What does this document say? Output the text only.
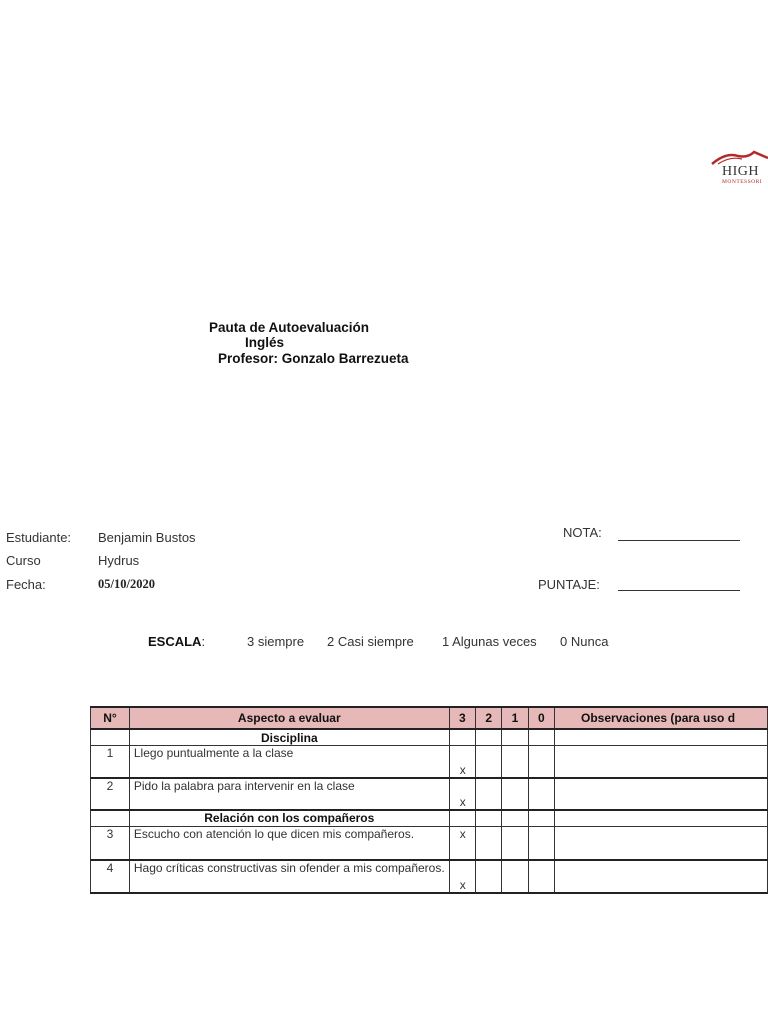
HIGH
MONTESSORI
Pauta de Autoevaluación
Inglés
Profesor: Gonzalo Barrezueta
Estudiante: Benjamin Bustos
Curso	Hydrus
Fecha:	05/10/2020
NOTA:
PUNTAJE:
ESCALA:	3 siempre 2 Casi siempre 1 Algunas veces 0 Nunca
N°	Aspecto a evaluar	3	2	1	0	Observaciones (para uso d
	Disciplina					
1	Llego puntualmente a la clase	x				

2	Pido la palabra para intervenir en la clase	x				

	Relación con los compañeros					
3	Escucho con atención lo que dicen mis compañeros.	x				

4	Hago críticas constructivas sin ofender a mis compañeros.	x				
